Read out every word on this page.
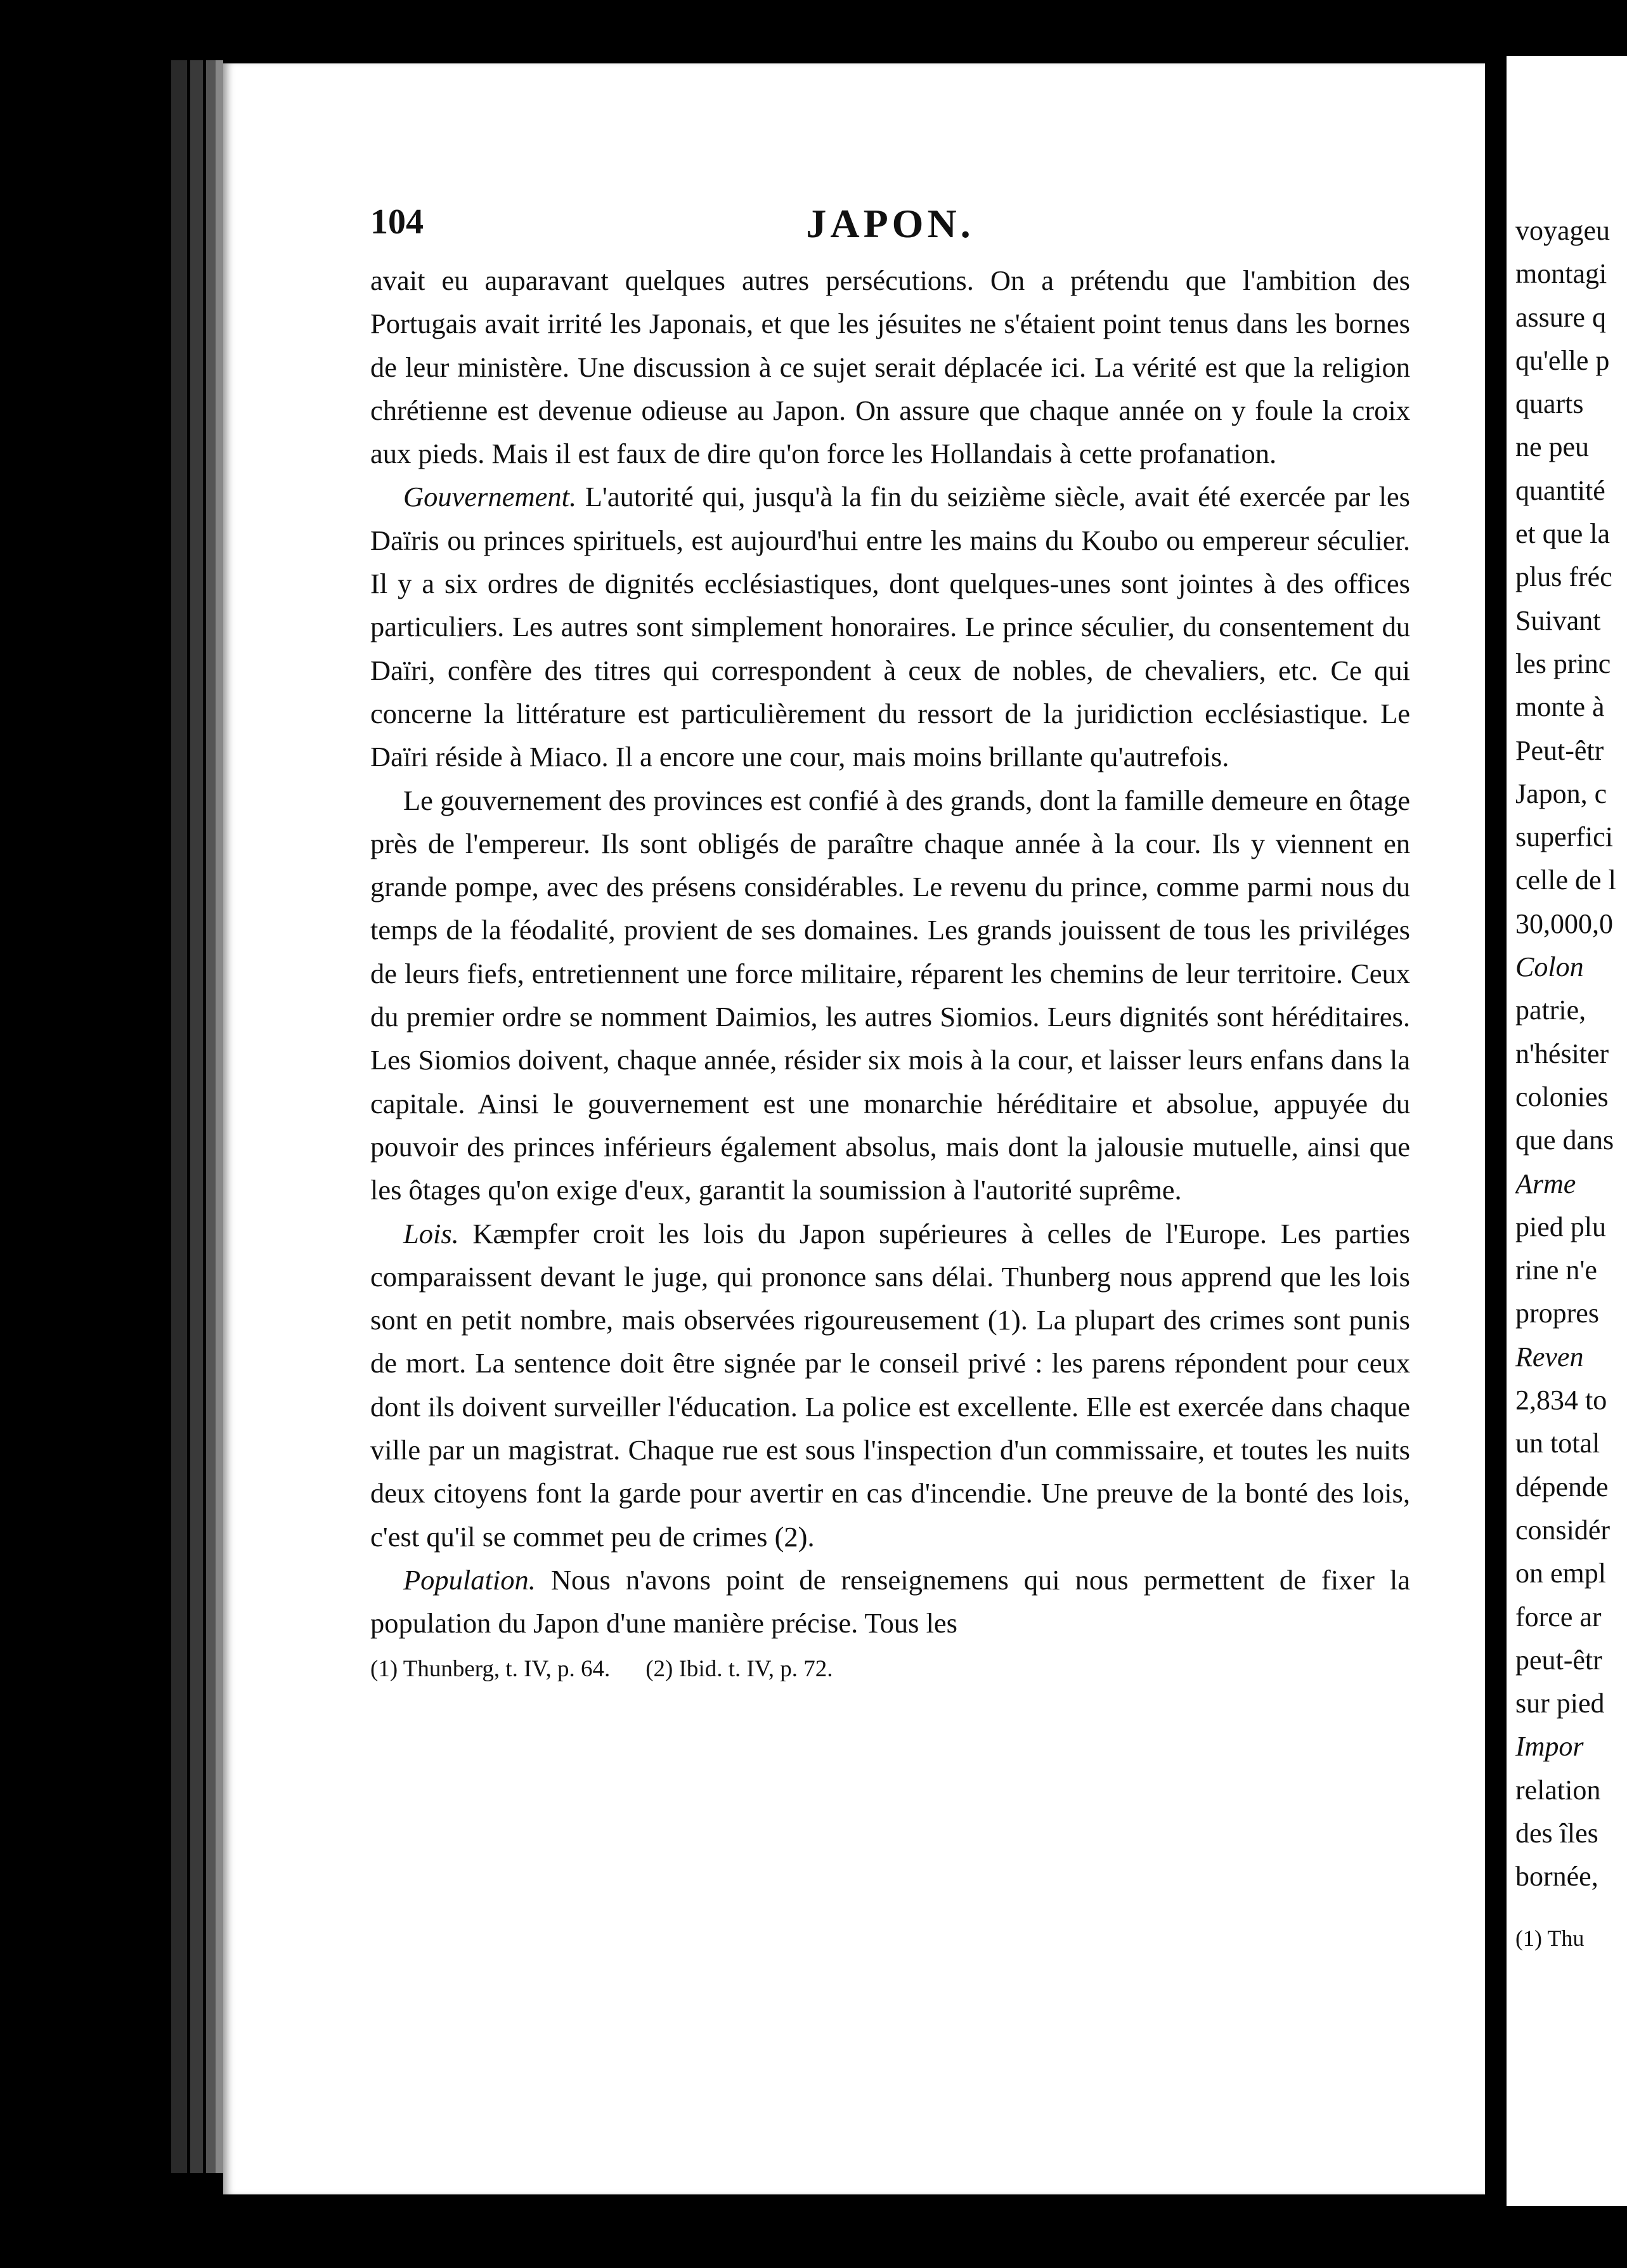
104	JAPON.

avait eu auparavant quelques autres persécutions. On a prétendu que l'ambition des Portugais avait irrité les Japonais, et que les jésuites ne s'étaient point tenus dans les bornes de leur ministère. Une discussion à ce sujet serait déplacée ici. La vérité est que la religion chrétienne est devenue odieuse au Japon. On assure que chaque année on y foule la croix aux pieds. Mais il est faux de dire qu'on force les Hollandais à cette profanation.

Gouvernement. L'autorité qui, jusqu'à la fin du seizième siècle, avait été exercée par les Daïris ou princes spirituels, est aujourd'hui entre les mains du Koubo ou empereur séculier. Il y a six ordres de dignités ecclésiastiques, dont quelques-unes sont jointes à des offices particuliers. Les autres sont simplement honoraires. Le prince séculier, du consentement du Daïri, confère des titres qui correspondent à ceux de nobles, de chevaliers, etc. Ce qui concerne la littérature est particulièrement du ressort de la juridiction ecclésiastique. Le Daïri réside à Miaco. Il a encore une cour, mais moins brillante qu'autrefois.

Le gouvernement des provinces est confié à des grands, dont la famille demeure en ôtage près de l'empereur. Ils sont obligés de paraître chaque année à la cour. Ils y viennent en grande pompe, avec des présens considérables. Le revenu du prince, comme parmi nous du temps de la féodalité, provient de ses domaines. Les grands jouissent de tous les priviléges de leurs fiefs, entretiennent une force militaire, réparent les chemins de leur territoire. Ceux du premier ordre se nomment Daimios, les autres Siomios. Leurs dignités sont héréditaires. Les Siomios doivent, chaque année, résider six mois à la cour, et laisser leurs enfans dans la capitale. Ainsi le gouvernement est une monarchie héréditaire et absolue, appuyée du pouvoir des princes inférieurs également absolus, mais dont la jalousie mutuelle, ainsi que les ôtages qu'on exige d'eux, garantit la soumission à l'autorité suprême.

Lois. Kæmpfer croit les lois du Japon supérieures à celles de l'Europe. Les parties comparaissent devant le juge, qui prononce sans délai. Thunberg nous apprend que les lois sont en petit nombre, mais observées rigoureusement (1). La plupart des crimes sont punis de mort. La sentence doit être signée par le conseil privé : les parens répondent pour ceux dont ils doivent surveiller l'éducation. La police est excellente. Elle est exercée dans chaque ville par un magistrat. Chaque rue est sous l'inspection d'un commissaire, et toutes les nuits deux citoyens font la garde pour avertir en cas d'incendie. Une preuve de la bonté des lois, c'est qu'il se commet peu de crimes (2).

Population. Nous n'avons point de renseignemens qui nous permettent de fixer la population du Japon d'une manière précise. Tous les

(1) Thunberg, t. IV, p. 64. (2) Ibid. t. IV, p. 72.
voyageu
montagi
assure q
qu'elle p
quarts
ne peu
quantité
et que la
plus fréc
Suivant
les princ
monte à
Peut-êtr
Japon, c
superfici
celle de l
30,000,0
Colon
patrie,
n'hésiter
colonies
que dans
Arme
pied plu
rine n'e
propres
Reven
2,834 to
un total
dépende
considér
on empl
force ar
peut-êtr
sur pied
Impor
relation
des îles
bornée,
(1) Thu
